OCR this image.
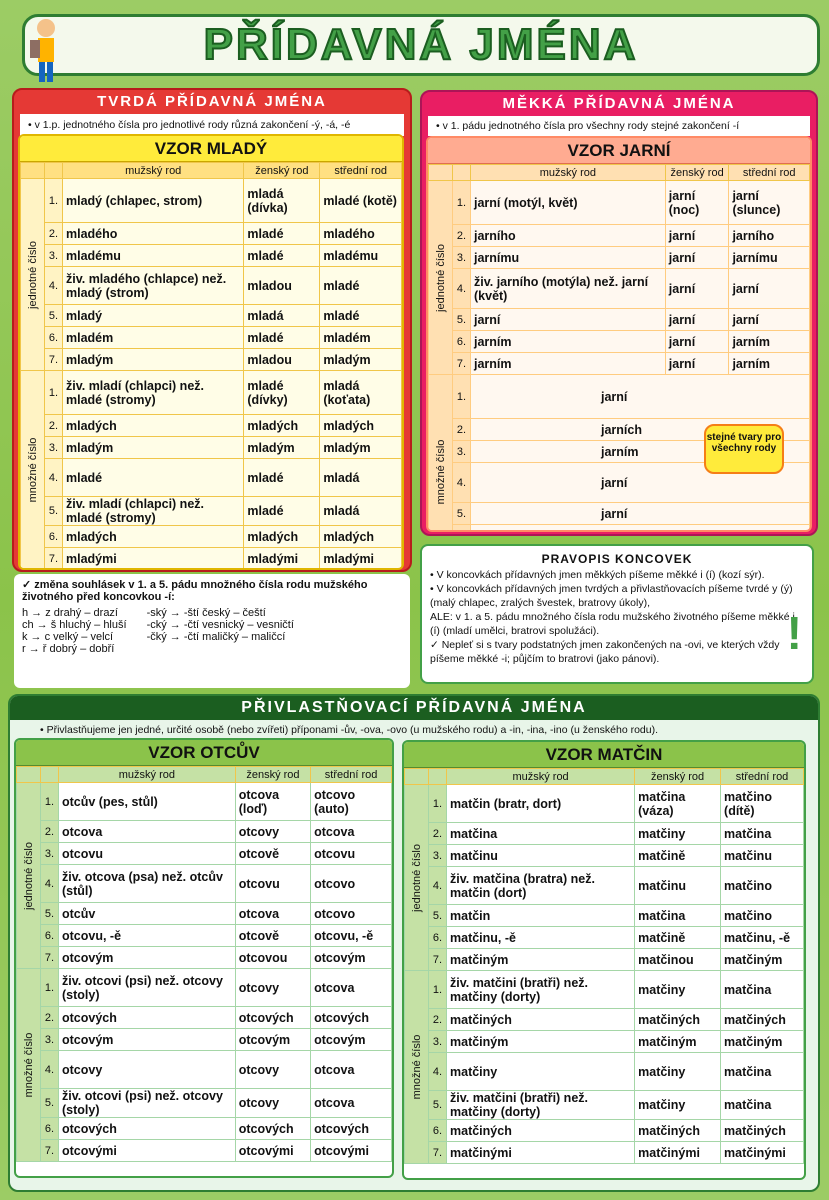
PŘÍDAVNÁ JMÉNA
TVRDÁ PŘÍDAVNÁ JMÉNA
• v 1.p. jednotného čísla pro jednotlivé rody různá zakončení -ý, -á, -é
VZOR MLADÝ
		mužský rod	ženský rod	střední rod

jednotné číslo	1.	mladý (chlapec, strom)	mladá (dívka)	mladé (kotě)
	2.	mladého	mladé	mladého
	3.	mladému	mladé	mladému
	4.	živ. mladého (chlapce) než. mladý (strom)	mladou	mladé
	5.	mladý	mladá	mladé
	6.	mladém	mladé	mladém
	7.	mladým	mladou	mladým

množné číslo	1.	živ. mladí (chlapci) než. mladé (stromy)	mladé (dívky)	mladá (koťata)
	2.	mladých	mladých	mladých
	3.	mladým	mladým	mladým
	4.	mladé	mladé	mladá
	5.	živ. mladí (chlapci) než. mladé (stromy)	mladé	mladá
	6.	mladých	mladých	mladých
	7.	mladými	mladými	mladými
✓ změna souhlásek v 1. a 5. pádu množného čísla rodu mužského životného před koncovkou -í:
h → z drahý – drazí
ch → š hluchý – hluší
k → c velký – velcí
r → ř dobrý – dobří
-ský → -ští český – čeští
-cký → -čtí vesnický – vesničtí
-čký → -čtí maličký – maličcí
MĚKKÁ PŘÍDAVNÁ JMÉNA
• v 1. pádu jednotného čísla pro všechny rody stejné zakončení -í
VZOR JARNÍ
		mužský rod	ženský rod	střední rod

jednotné číslo	1.	jarní (motýl, květ)	jarní (noc)	jarní (slunce)
	2.	jarního	jarní	jarního
	3.	jarnímu	jarní	jarnímu
	4.	živ. jarního (motýla) než. jarní (květ)	jarní	jarní
	5.	jarní	jarní	jarní
	6.	jarním	jarní	jarním
	7.	jarním	jarní	jarním

množné číslo	1.	jarní		
	2.	jarních		
	3.	jarním		
	4.	jarní		
	5.	jarní		

stejné tvary pro všechny rody
PRAVOPIS KONCOVEK

• V koncovkách přídavných jmen měkkých píšeme měkké i (í) (kozí sýr).

• V koncovkách přídavných jmen tvrdých a přivlastňovacích píšeme tvrdé y (ý) (malý chlapec, zralých švestek, bratrovy úkoly),

ALE: v 1. a 5. pádu množného čísla rodu mužského životného píšeme měkké i (í) (mladí umělci, bratrovi spolužáci).

✓ Nepleť si s tvary podstatných jmen zakončených na -ovi, ve kterých vždy píšeme měkké -i; půjčím to bratrovi (jako pánovi).	!
PŘIVLASTŇOVACÍ PŘÍDAVNÁ JMÉNA
• Přivlastňujeme jen jedné, určité osobě (nebo zvířeti) příponami -ův, -ova, -ovo (u mužského rodu) a -in, -ina, -ino (u ženského rodu).
VZOR OTCŮV
		mužský rod	ženský rod	střední rod

jednotné číslo	1.	otcův (pes, stůl)	otcova (loď)	otcovo (auto)
	2.	otcova	otcovy	otcova
	3.	otcovu	otcově	otcovu
	4.	živ. otcova (psa) než. otcův (stůl)	otcovu	otcovo
	5.	otcův	otcova	otcovo
	6.	otcovu, -ě	otcově	otcovu, -ě
	7.	otcovým	otcovou	otcovým

množné číslo	1.	živ. otcovi (psi) než. otcovy (stoly)	otcovy	otcova
	2.	otcových	otcových	otcových
	3.	otcovým	otcovým	otcovým
	4.	otcovy	otcovy	otcova
	5.	živ. otcovi (psi) než. otcovy (stoly)	otcovy	otcova
	6.	otcových	otcových	otcových
	7.	otcovými	otcovými	otcovými
VZOR MATČIN
		mužský rod	ženský rod	střední rod

jednotné číslo	1.	matčin (bratr, dort)	matčina (váza)	matčino (dítě)
	2.	matčina	matčiny	matčina
	3.	matčinu	matčině	matčinu
	4.	živ. matčina (bratra) než. matčin (dort)	matčinu	matčino
	5.	matčin	matčina	matčino
	6.	matčinu, -ě	matčině	matčinu, -ě
	7.	matčiným	matčinou	matčiným

množné číslo	1.	živ. matčini (bratři) než. matčiny (dorty)	matčiny	matčina
	2.	matčiných	matčiných	matčiných
	3.	matčiným	matčiným	matčiným
	4.	matčiny	matčiny	matčina
	5.	živ. matčini (bratři) než. matčiny (dorty)	matčiny	matčina
	6.	matčiných	matčiných	matčiných
	7.	matčinými	matčinými	matčinými
